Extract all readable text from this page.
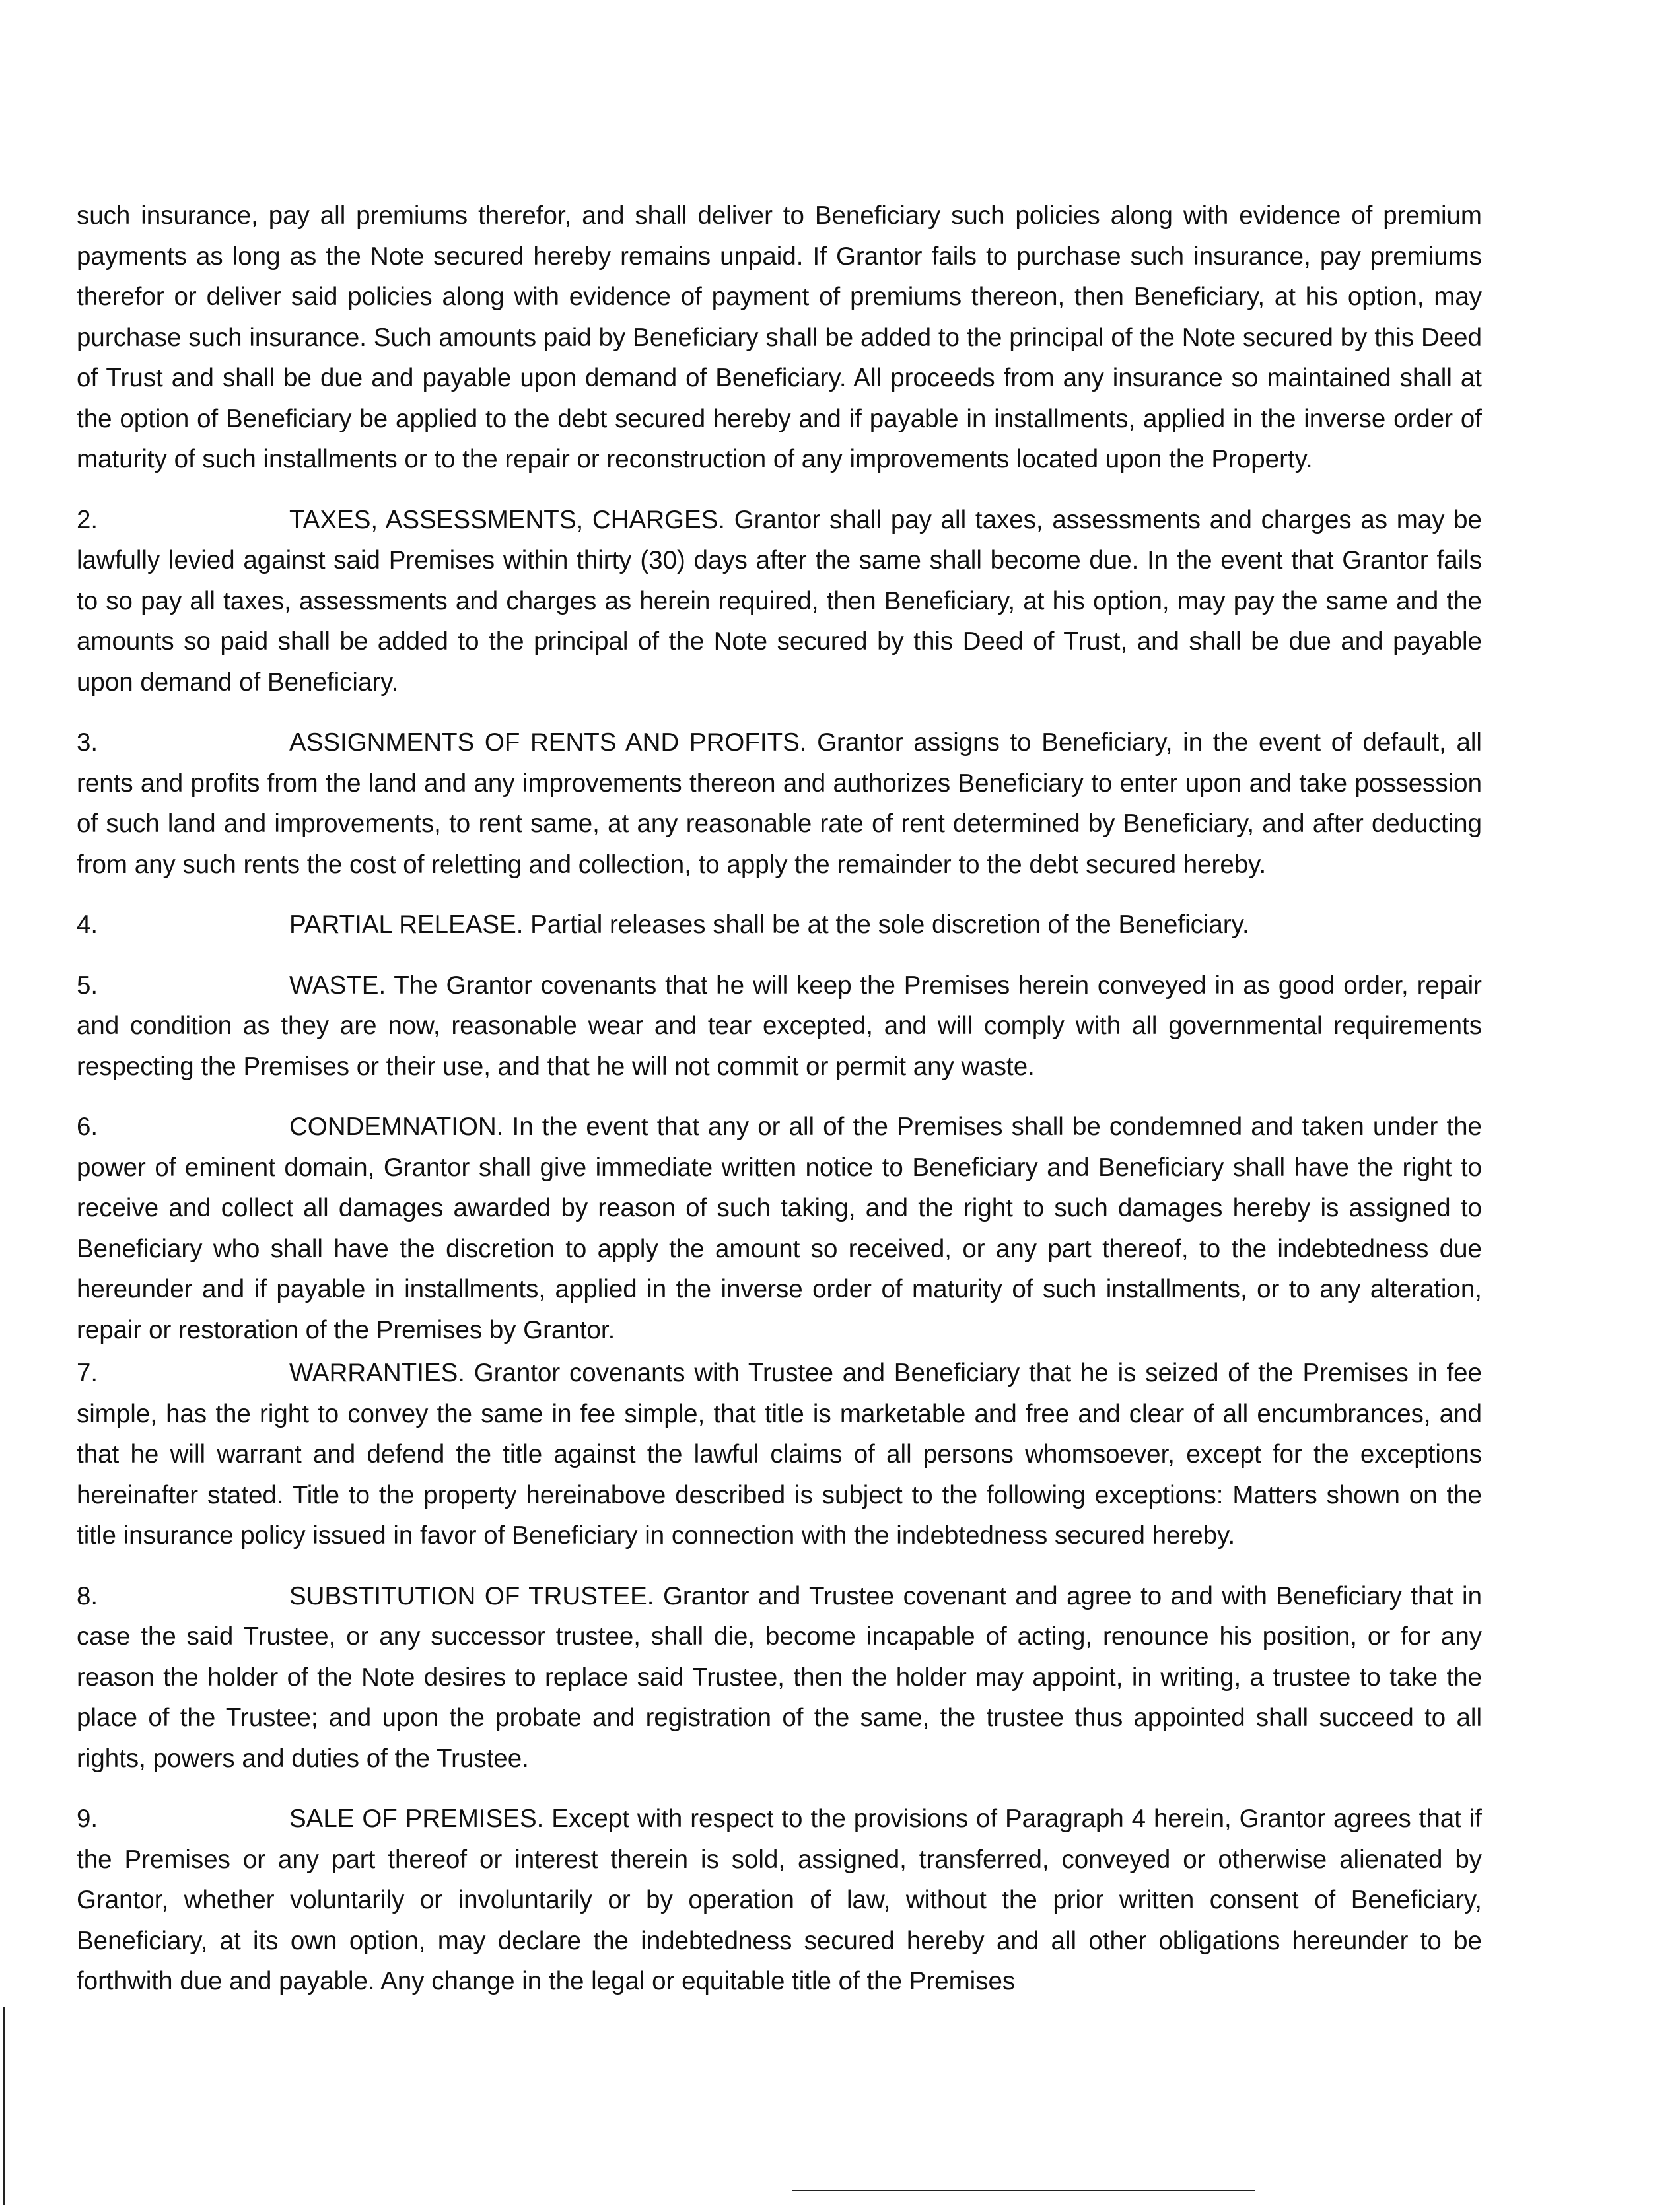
such insurance, pay all premiums therefor, and shall deliver to Beneficiary such policies along with evidence of premium payments as long as the Note secured hereby remains unpaid. If Grantor fails to purchase such insurance, pay premiums therefor or deliver said policies along with evidence of payment of premiums thereon, then Beneficiary, at his option, may purchase such insurance. Such amounts paid by Beneficiary shall be added to the principal of the Note secured by this Deed of Trust and shall be due and payable upon demand of Beneficiary. All proceeds from any insurance so maintained shall at the option of Beneficiary be applied to the debt secured hereby and if payable in installments, applied in the inverse order of maturity of such installments or to the repair or reconstruction of any improvements located upon the Property.

2.	TAXES, ASSESSMENTS, CHARGES. Grantor shall pay all taxes, assessments and charges as may be lawfully levied against said Premises within thirty (30) days after the same shall become due. In the event that Grantor fails to so pay all taxes, assessments and charges as herein required, then Beneficiary, at his option, may pay the same and the amounts so paid shall be added to the principal of the Note secured by this Deed of Trust, and shall be due and payable upon demand of Beneficiary.

3.	ASSIGNMENTS OF RENTS AND PROFITS. Grantor assigns to Beneficiary, in the event of default, all rents and profits from the land and any improvements thereon and authorizes Beneficiary to enter upon and take possession of such land and improvements, to rent same, at any reasonable rate of rent determined by Beneficiary, and after deducting from any such rents the cost of reletting and collection, to apply the remainder to the debt secured hereby.

4.	PARTIAL RELEASE. Partial releases shall be at the sole discretion of the Beneficiary.

5.	WASTE. The Grantor covenants that he will keep the Premises herein conveyed in as good order, repair and condition as they are now, reasonable wear and tear excepted, and will comply with all governmental requirements respecting the Premises or their use, and that he will not commit or permit any waste.

6.	CONDEMNATION. In the event that any or all of the Premises shall be condemned and taken under the power of eminent domain, Grantor shall give immediate written notice to Beneficiary and Beneficiary shall have the right to receive and collect all damages awarded by reason of such taking, and the right to such damages hereby is assigned to Beneficiary who shall have the discretion to apply the amount so received, or any part thereof, to the indebtedness due hereunder and if payable in installments, applied in the inverse order of maturity of such installments, or to any alteration, repair or restoration of the Premises by Grantor.

7.	WARRANTIES. Grantor covenants with Trustee and Beneficiary that he is seized of the Premises in fee simple, has the right to convey the same in fee simple, that title is marketable and free and clear of all encumbrances, and that he will warrant and defend the title against the lawful claims of all persons whomsoever, except for the exceptions hereinafter stated. Title to the property hereinabove described is subject to the following exceptions: Matters shown on the title insurance policy issued in favor of Beneficiary in connection with the indebtedness secured hereby.

8.	SUBSTITUTION OF TRUSTEE. Grantor and Trustee covenant and agree to and with Beneficiary that in case the said Trustee, or any successor trustee, shall die, become incapable of acting, renounce his position, or for any reason the holder of the Note desires to replace said Trustee, then the holder may appoint, in writing, a trustee to take the place of the Trustee; and upon the probate and registration of the same, the trustee thus appointed shall succeed to all rights, powers and duties of the Trustee.

9.	SALE OF PREMISES. Except with respect to the provisions of Paragraph 4 herein, Grantor agrees that if the Premises or any part thereof or interest therein is sold, assigned, transferred, conveyed or otherwise alienated by Grantor, whether voluntarily or involuntarily or by operation of law, without the prior written consent of Beneficiary, Beneficiary, at its own option, may declare the indebtedness secured hereby and all other obligations hereunder to be forthwith due and payable. Any change in the legal or equitable title of the Premises
